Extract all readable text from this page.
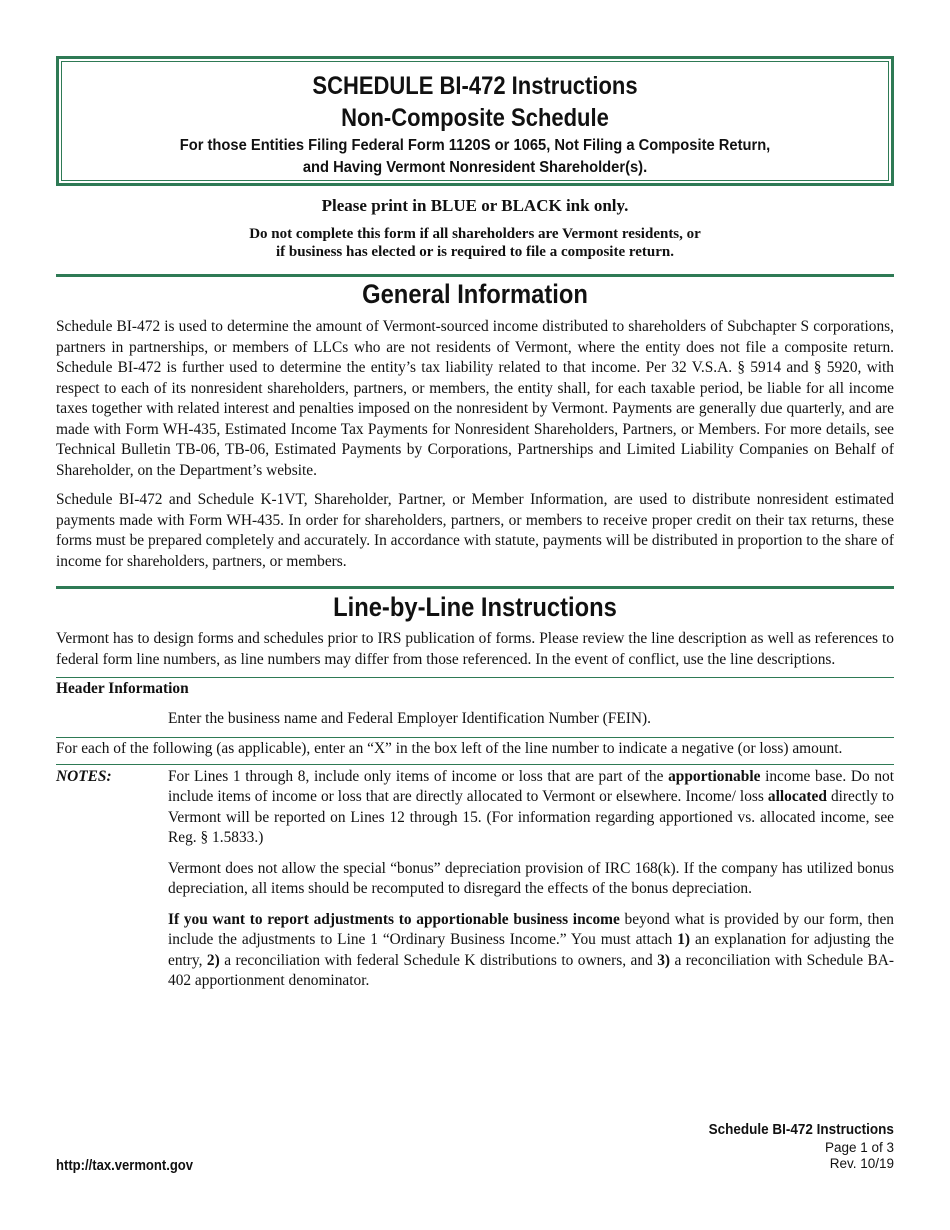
SCHEDULE BI-472 Instructions
Non-Composite Schedule
For those Entities Filing Federal Form 1120S or 1065, Not Filing a Composite Return,
and Having Vermont Nonresident Shareholder(s).
Please print in BLUE or BLACK ink only.
Do not complete this form if all shareholders are Vermont residents, or
if business has elected or is required to file a composite return.
General Information

Schedule BI-472 is used to determine the amount of Vermont-sourced income distributed to shareholders of Subchapter S corporations, partners in partnerships, or members of LLCs who are not residents of Vermont, where the entity does not file a composite return. Schedule BI-472 is further used to determine the entity’s tax liability related to that income. Per 32 V.S.A. § 5914 and § 5920, with respect to each of its nonresident shareholders, partners, or members, the entity shall, for each taxable period, be liable for all income taxes together with related interest and penalties imposed on the nonresident by Vermont. Payments are generally due quarterly, and are made with Form WH-435, Estimated Income Tax Payments for Nonresident Shareholders, Partners, or Members. For more details, see Technical Bulletin TB-06, TB-06, Estimated Payments by Corporations, Partnerships and Limited Liability Companies on Behalf of Shareholder, on the Department’s website.

Schedule BI-472 and Schedule K-1VT, Shareholder, Partner, or Member Information, are used to distribute nonresident estimated payments made with Form WH-435. In order for shareholders, partners, or members to receive proper credit on their tax returns, these forms must be prepared completely and accurately. In accordance with statute, payments will be distributed in proportion to the share of income for shareholders, partners, or members.

Line-by-Line Instructions

Vermont has to design forms and schedules prior to IRS publication of forms. Please review the line description as well as references to federal form line numbers, as line numbers may differ from those referenced. In the event of conflict, use the line descriptions.

Header Information
Enter the business name and Federal Employer Identification Number (FEIN).

For each of the following (as applicable), enter an “X” in the box left of the line number to indicate a negative (or loss) amount.

NOTES:	For Lines 1 through 8, include only items of income or loss that are part of the apportionable income base. Do not include items of income or loss that are directly allocated to Vermont or elsewhere. Income/ loss allocated directly to Vermont will be reported on Lines 12 through 15. (For information regarding apportioned vs. allocated income, see Reg. § 1.5833.)
Vermont does not allow the special “bonus” depreciation provision of IRC 168(k). If the company has utilized bonus depreciation, all items should be recomputed to disregard the effects of the bonus depreciation.
If you want to report adjustments to apportionable business income beyond what is provided by our form, then include the adjustments to Line 1 “Ordinary Business Income.” You must attach 1) an explanation for adjusting the entry, 2) a reconciliation with federal Schedule K distributions to owners, and 3) a reconciliation with Schedule BA-402 apportionment denominator.
Schedule BI-472 Instructions
Page 1 of 3
Rev. 10/19
http://tax.vermont.gov
